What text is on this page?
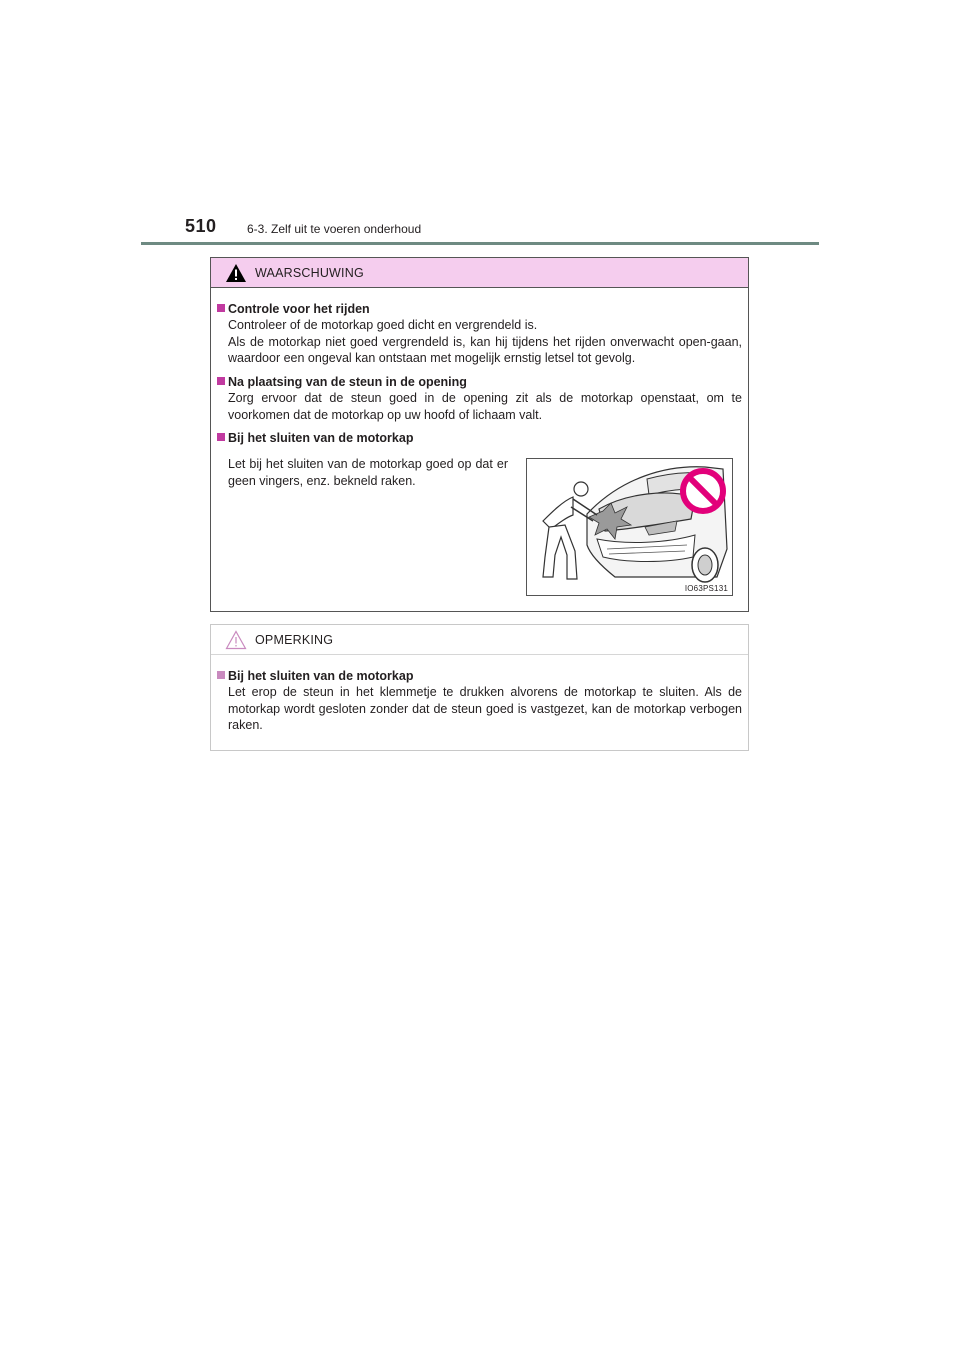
510	6-3. Zelf uit te voeren onderhoud
WAARSCHUWING
Controle voor het rijden
Controleer of de motorkap goed dicht en vergrendeld is.
Als de motorkap niet goed vergrendeld is, kan hij tijdens het rijden onverwacht open-gaan, waardoor een ongeval kan ontstaan met mogelijk ernstig letsel tot gevolg.
Na plaatsing van de steun in de opening
Zorg ervoor dat de steun goed in de opening zit als de motorkap openstaat, om te voorkomen dat de motorkap op uw hoofd of lichaam valt.
Bij het sluiten van de motorkap
Let bij het sluiten van de motorkap goed op dat er geen vingers, enz. bekneld raken.
IO63PS131
OPMERKING
Bij het sluiten van de motorkap
Let erop de steun in het klemmetje te drukken alvorens de motorkap te sluiten. Als de motorkap wordt gesloten zonder dat de steun goed is vastgezet, kan de motorkap verbogen raken.
